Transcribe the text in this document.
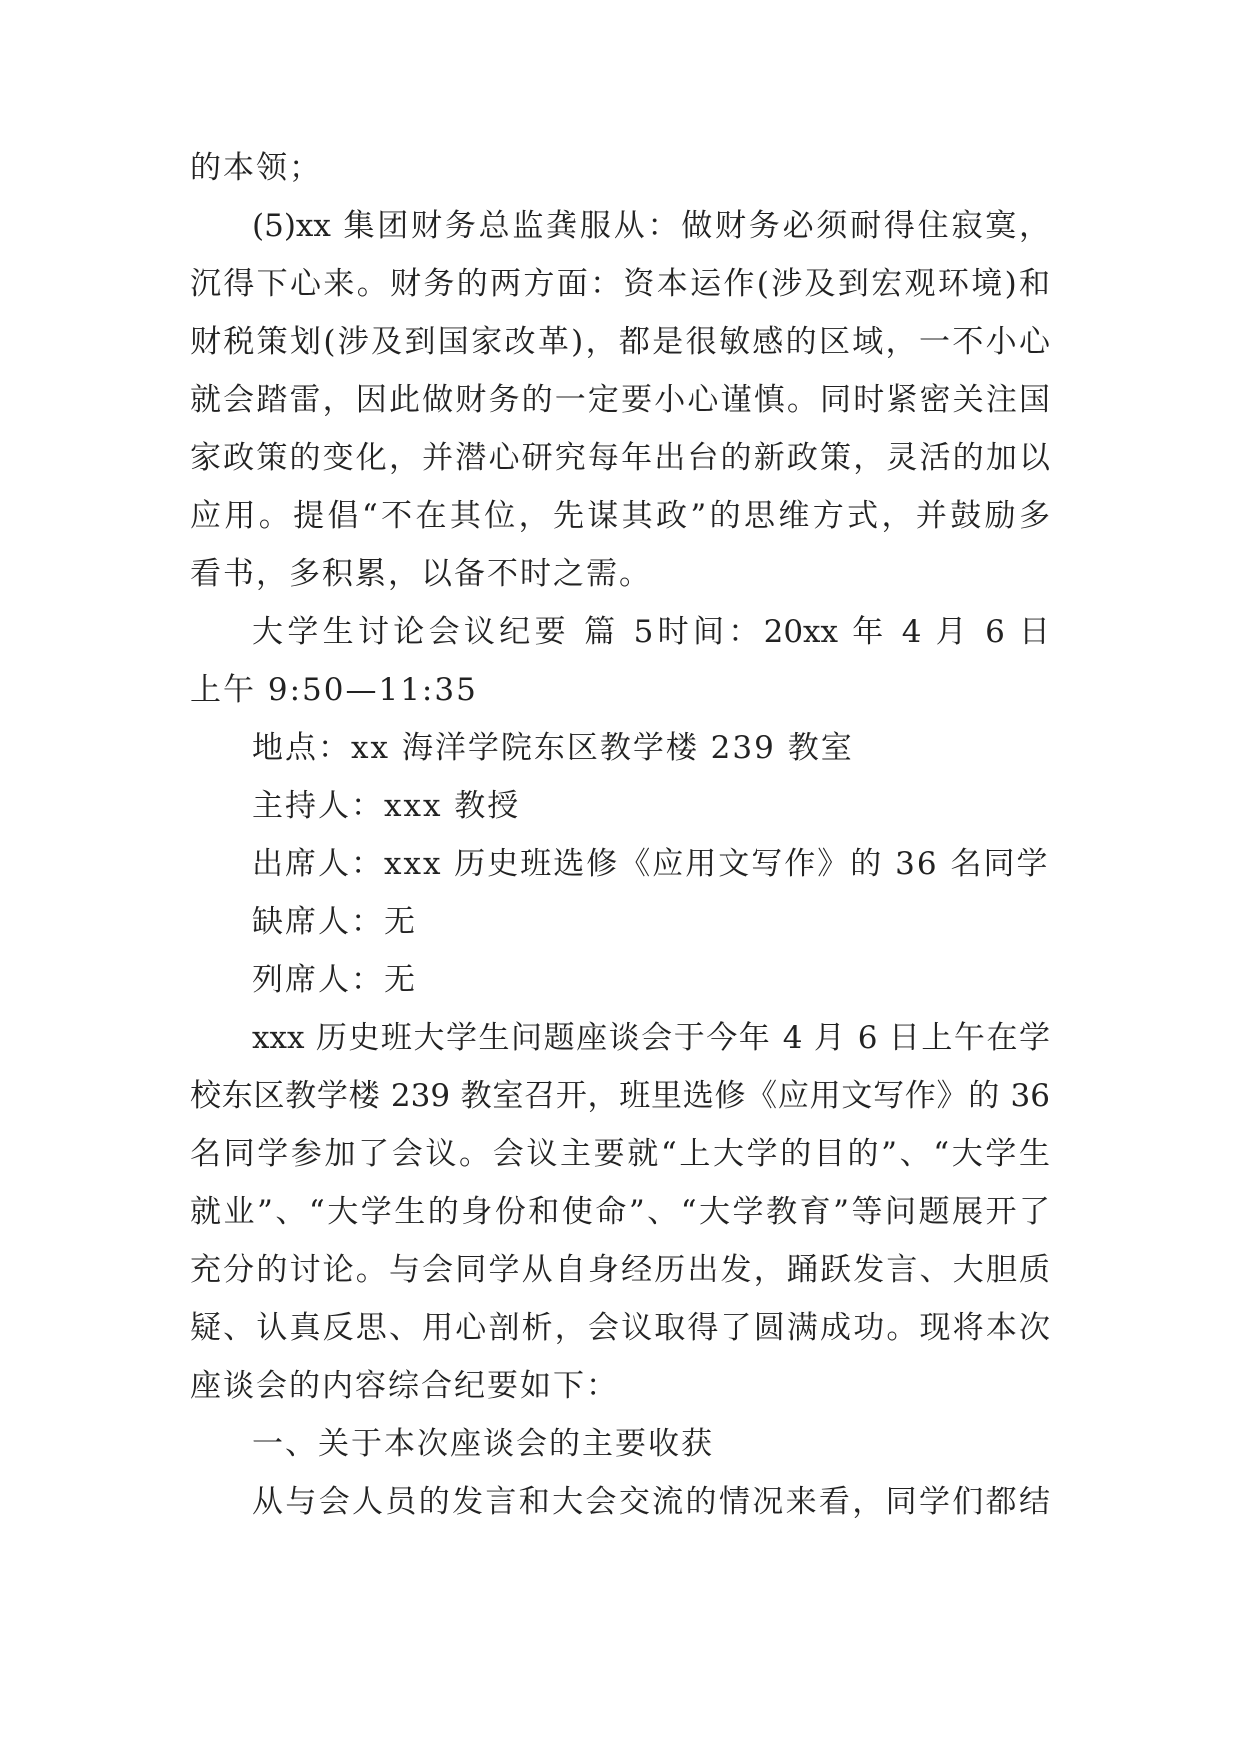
的本领；
(5)xx 集团财务总监龚服从：做财务必须耐得住寂寞，
沉得下心来。财务的两方面：资本运作(涉及到宏观环境)和
财税策划(涉及到国家改革)，都是很敏感的区域，一不小心
就会踏雷，因此做财务的一定要小心谨慎。同时紧密关注国
家政策的变化，并潜心研究每年出台的新政策，灵活的加以
应用。提倡“不在其位，先谋其政”的思维方式，并鼓励多
看书，多积累，以备不时之需。
大学生讨论会议纪要 篇 5时间：20xx 年 4 月 6 日
上午 9:50—11:35
地点：xx 海洋学院东区教学楼 239 教室
主持人：xxx 教授
出席人：xxx 历史班选修《应用文写作》的 36 名同学
缺席人：无
列席人：无
xxx 历史班大学生问题座谈会于今年 4 月 6 日上午在学
校东区教学楼 239 教室召开，班里选修《应用文写作》的 36
名同学参加了会议。会议主要就“上大学的目的”、“大学生
就业”、“大学生的身份和使命”、“大学教育”等问题展开了
充分的讨论。与会同学从自身经历出发，踊跃发言、大胆质
疑、认真反思、用心剖析，会议取得了圆满成功。现将本次
座谈会的内容综合纪要如下：
一、关于本次座谈会的主要收获
从与会人员的发言和大会交流的情况来看，同学们都结
